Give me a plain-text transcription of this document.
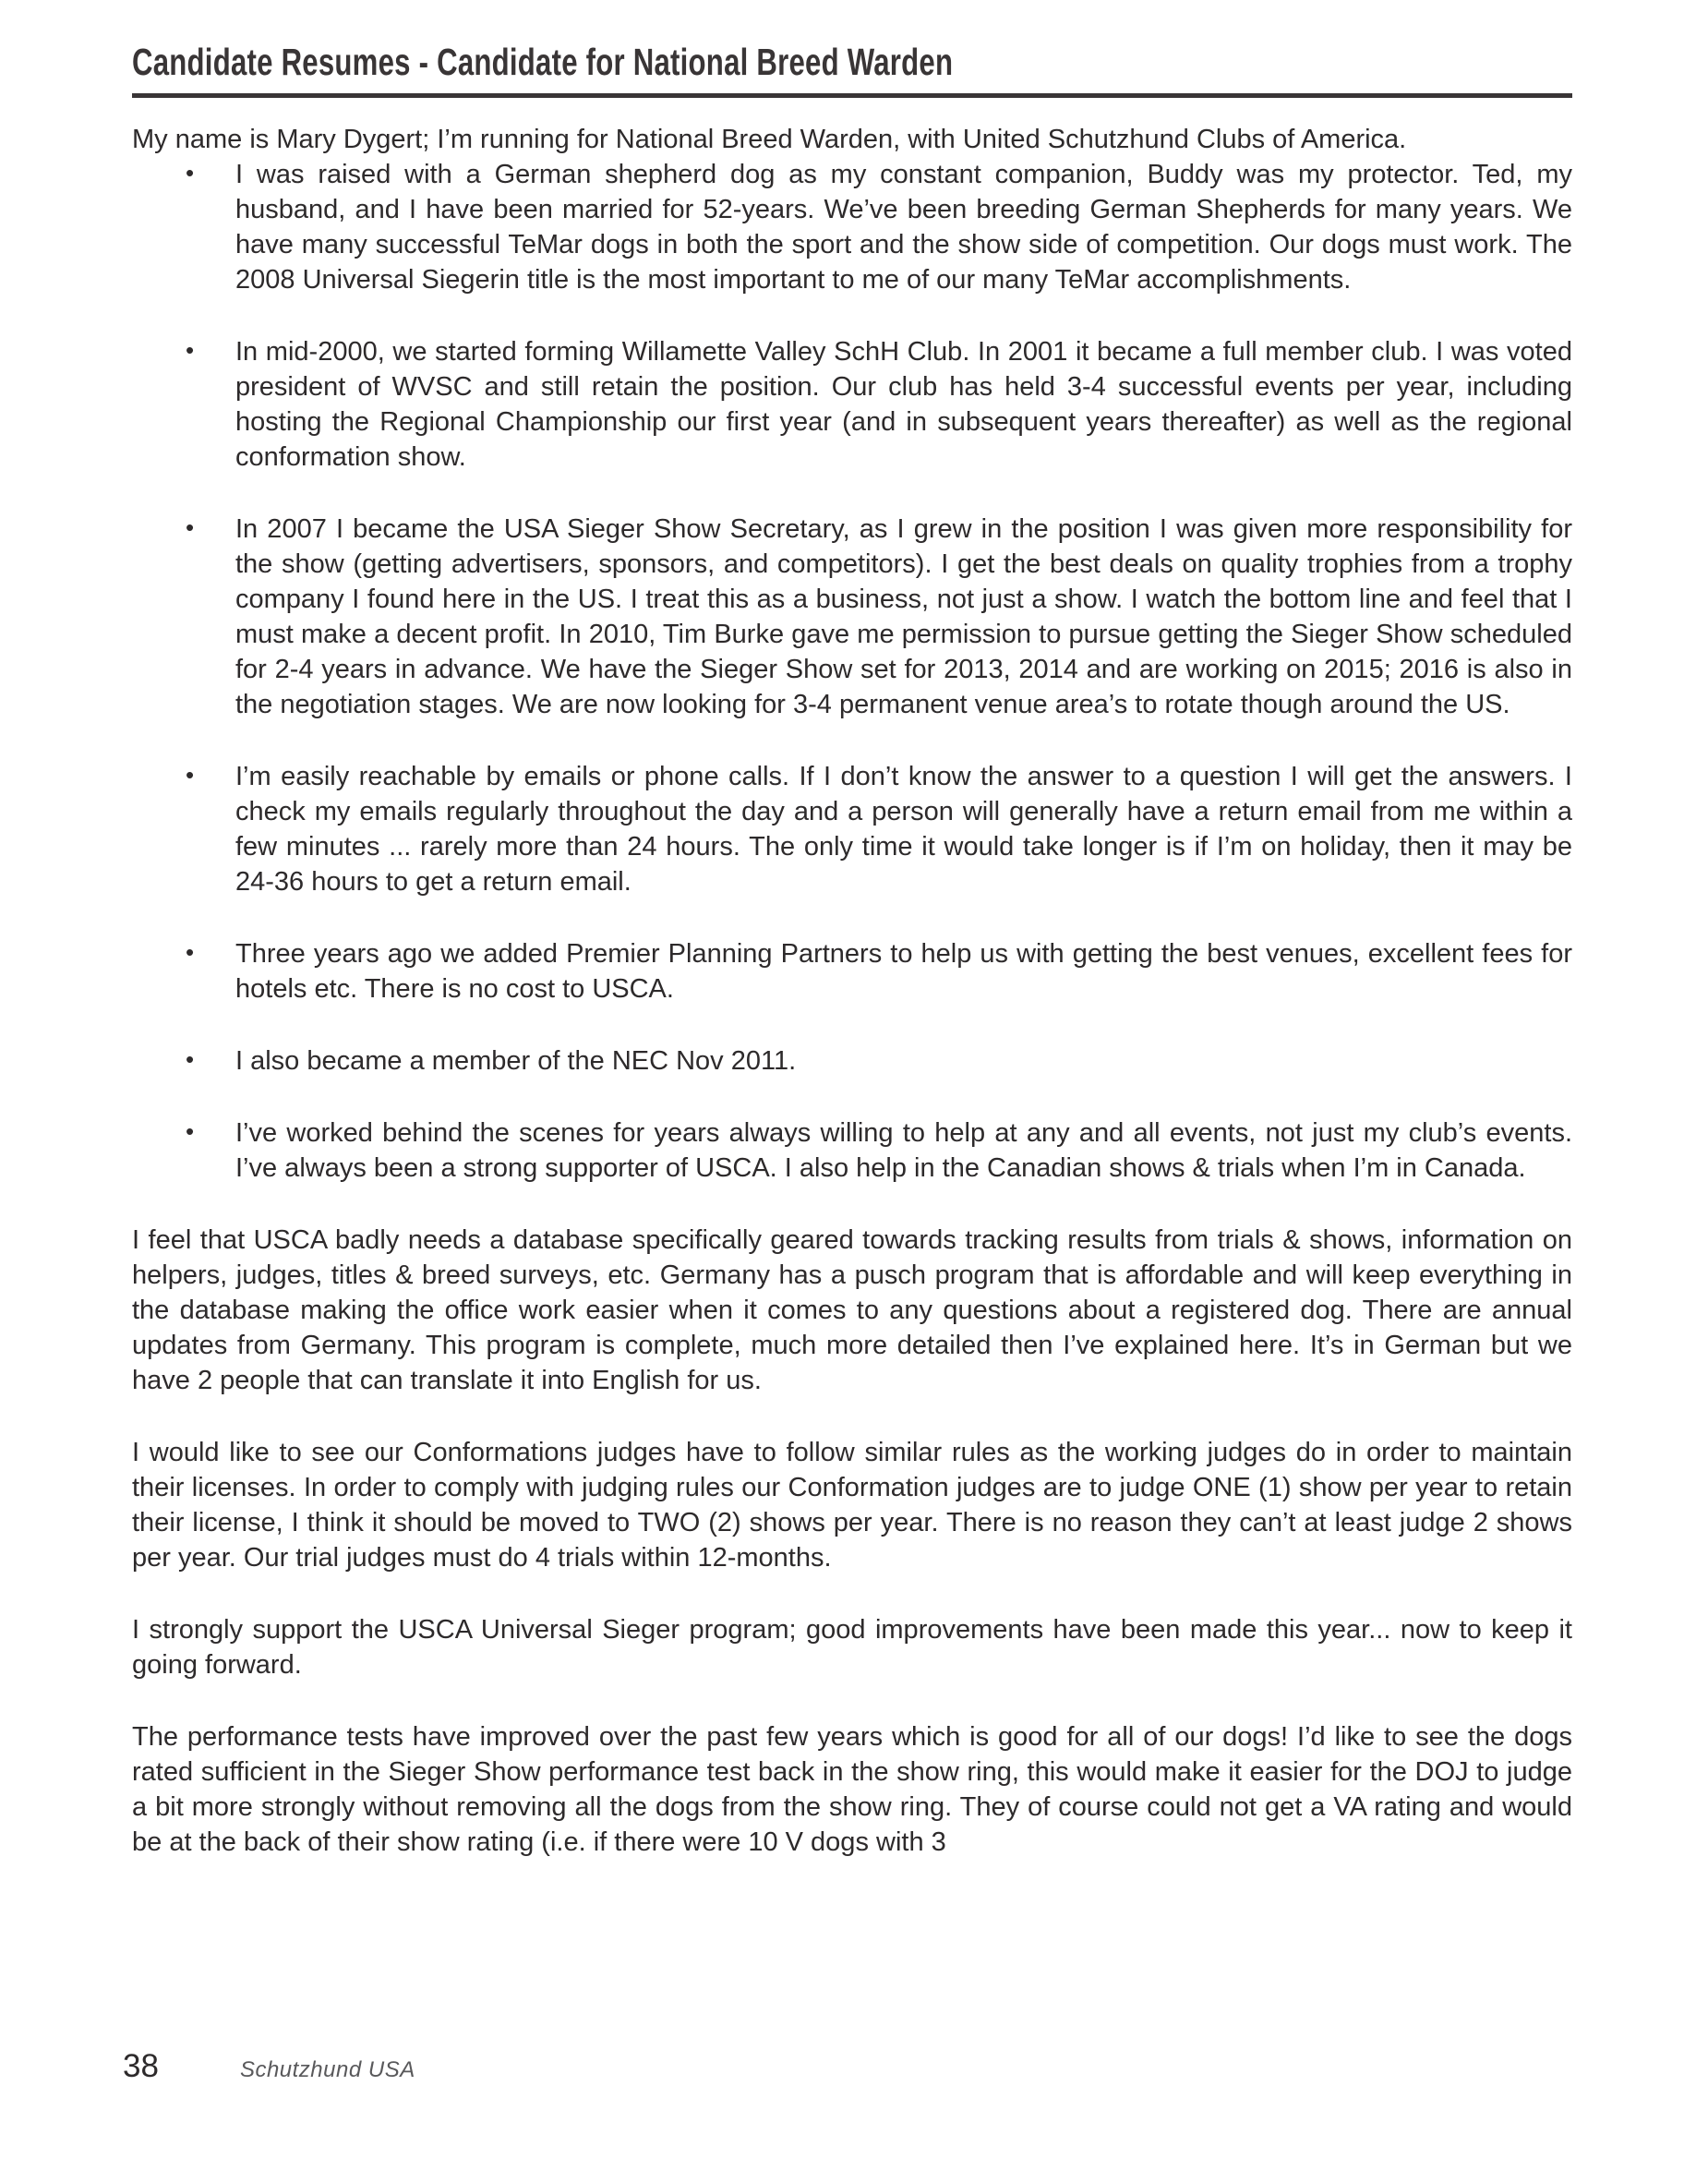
Candidate Resumes - Candidate for National Breed Warden

My name is Mary Dygert; I’m running for National Breed Warden, with United Schutzhund Clubs of America.

• I was raised with a German shepherd dog as my constant companion, Buddy was my protector. Ted, my husband, and I have been married for 52-years. We’ve been breeding German Shepherds for many years. We have many successful TeMar dogs in both the sport and the show side of competition. Our dogs must work. The 2008 Universal Siegerin title is the most important to me of our many TeMar accomplishments.
• In mid-2000, we started forming Willamette Valley SchH Club. In 2001 it became a full member club. I was voted president of WVSC and still retain the position. Our club has held 3-4 successful events per year, including hosting the Regional Championship our first year (and in subsequent years thereafter) as well as the regional conformation show.
• In 2007 I became the USA Sieger Show Secretary, as I grew in the position I was given more responsibility for the show (getting advertisers, sponsors, and competitors). I get the best deals on quality trophies from a trophy company I found here in the US. I treat this as a business, not just a show. I watch the bottom line and feel that I must make a decent profit. In 2010, Tim Burke gave me permission to pursue getting the Sieger Show scheduled for 2-4 years in advance. We have the Sieger Show set for 2013, 2014 and are working on 2015; 2016 is also in the negotiation stages. We are now looking for 3-4 permanent venue area’s to rotate though around the US.
• I’m easily reachable by emails or phone calls. If I don’t know the answer to a question I will get the answers. I check my emails regularly throughout the day and a person will generally have a return email from me within a few minutes ... rarely more than 24 hours. The only time it would take longer is if I’m on holiday, then it may be 24-36 hours to get a return email.
• Three years ago we added Premier Planning Partners to help us with getting the best venues, excellent fees for hotels etc. There is no cost to USCA.
• I also became a member of the NEC Nov 2011.
• I’ve worked behind the scenes for years always willing to help at any and all events, not just my club’s events. I’ve always been a strong supporter of USCA. I also help in the Canadian shows & trials when I’m in Canada.

I feel that USCA badly needs a database specifically geared towards tracking results from trials & shows, information on helpers, judges, titles & breed surveys, etc. Germany has a pusch program that is affordable and will keep everything in the database making the office work easier when it comes to any questions about a registered dog. There are annual updates from Germany. This program is complete, much more detailed then I’ve explained here. It’s in German but we have 2 people that can translate it into English for us.

I would like to see our Conformations judges have to follow similar rules as the working judges do in order to maintain their licenses. In order to comply with judging rules our Conformation judges are to judge ONE (1) show per year to retain their license, I think it should be moved to TWO (2) shows per year. There is no reason they can’t at least judge 2 shows per year. Our trial judges must do 4 trials within 12-months.

I strongly support the USCA Universal Sieger program; good improvements have been made this year... now to keep it going forward.

The performance tests have improved over the past few years which is good for all of our dogs! I’d like to see the dogs rated sufficient in the Sieger Show performance test back in the show ring, this would make it easier for the DOJ to judge a bit more strongly without removing all the dogs from the show ring. They of course could not get a VA rating and would be at the back of their show rating (i.e. if there were 10 V dogs with 3

38	Schutzhund USA
